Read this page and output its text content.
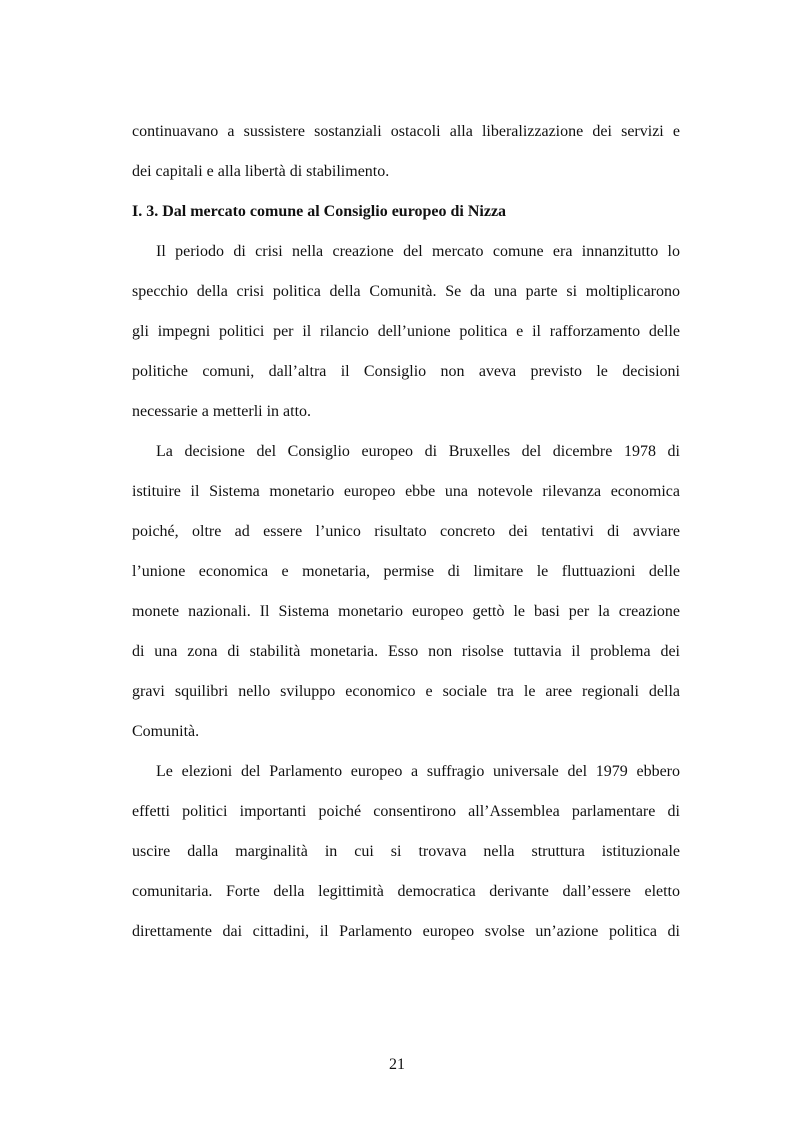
continuavano a sussistere sostanziali ostacoli alla liberalizzazione dei servizi e
dei capitali e alla libertà di stabilimento.
I. 3. Dal mercato comune al Consiglio europeo di Nizza
Il periodo di crisi nella creazione del mercato comune era innanzitutto lo
specchio della crisi politica della Comunità. Se da una parte si moltiplicarono
gli impegni politici per il rilancio dell’unione politica e il rafforzamento delle
politiche comuni, dall’altra il Consiglio non aveva previsto le decisioni
necessarie a metterli in atto.
La decisione del Consiglio europeo di Bruxelles del dicembre 1978 di
istituire il Sistema monetario europeo ebbe una notevole rilevanza economica
poiché, oltre ad essere l’unico risultato concreto dei tentativi di avviare
l’unione economica e monetaria, permise di limitare le fluttuazioni delle
monete nazionali. Il Sistema monetario europeo gettò le basi per la creazione
di una zona di stabilità monetaria. Esso non risolse tuttavia il problema dei
gravi squilibri nello sviluppo economico e sociale tra le aree regionali della
Comunità.
Le elezioni del Parlamento europeo a suffragio universale del 1979 ebbero
effetti politici importanti poiché consentirono all’Assemblea parlamentare di
uscire dalla marginalità in cui si trovava nella struttura istituzionale
comunitaria. Forte della legittimità democratica derivante dall’essere eletto
direttamente dai cittadini, il Parlamento europeo svolse un’azione politica di
21
